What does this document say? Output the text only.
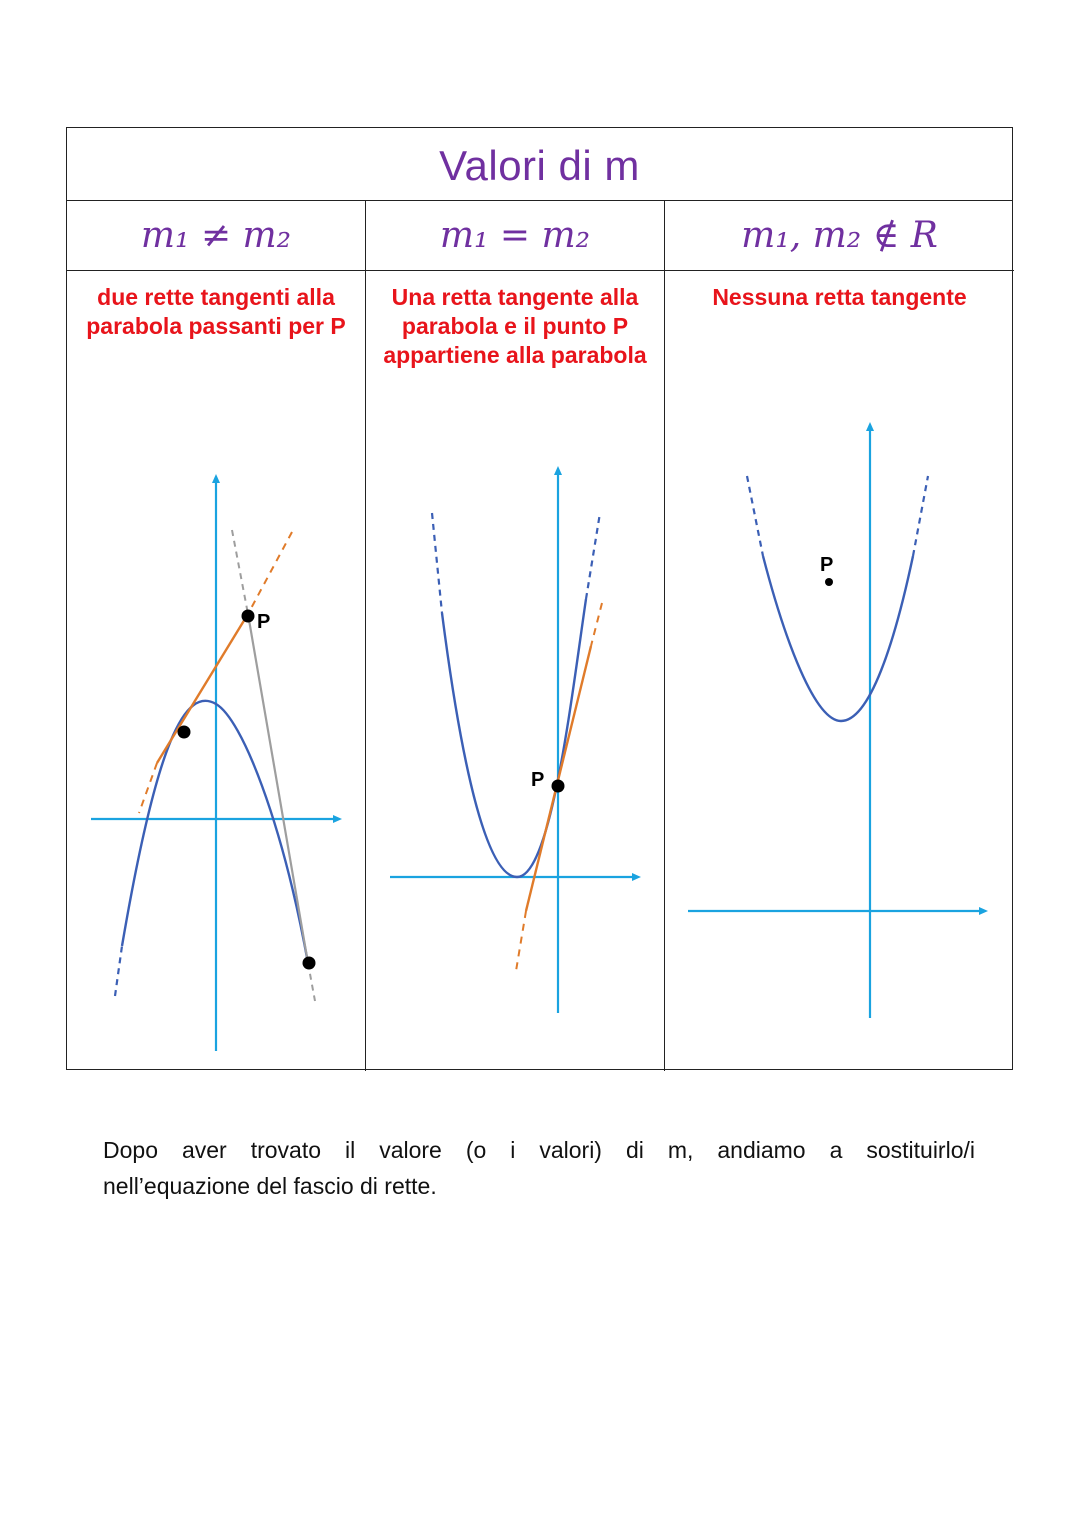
Valori di m
m₁ ≠ m₂
due rette tangenti alla parabola passanti per P
P
m₁ = m₂
Una retta tangente alla parabola e il punto P appartiene alla parabola
P
m₁, m₂ ∉ R
Nessuna retta tangente
P
Dopo aver trovato il valore (o i valori) di m, andiamo a sostituirlo/i
nell’equazione del fascio di rette.
